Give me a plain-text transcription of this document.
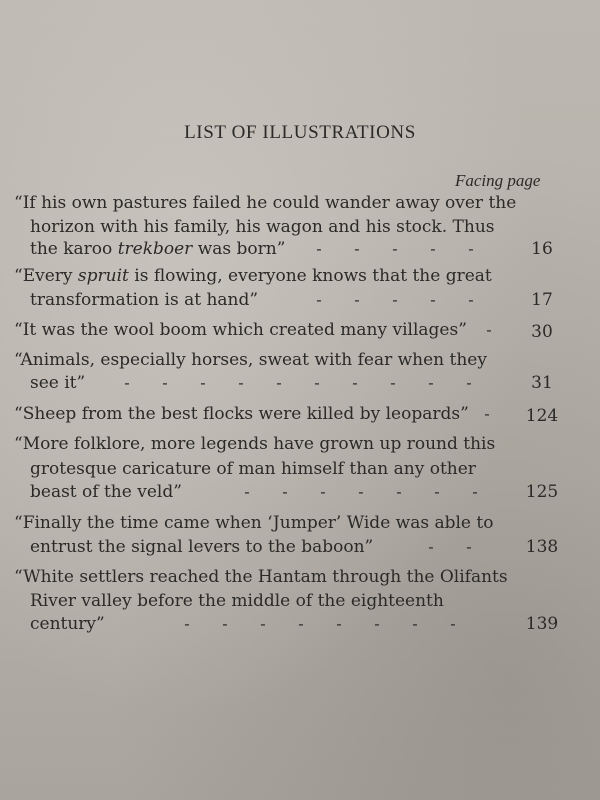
LIST OF ILLUSTRATIONS
Facing page
“If his own pastures failed he could wander away over the
horizon with his family, his wagon and his stock. Thus
the karoo trekboer was born”	- - - - -	16
“Every spruit is flowing, everyone knows that the great
transformation is at hand”	- - - - -	17
“It was the wool boom which created many villages”	-	30
“Animals, especially horses, sweat with fear when they
see it”	- - - - - - - - - -	31
“Sheep from the best flocks were killed by leopards” -	124
“More folklore, more legends have grown up round this
grotesque caricature of man himself than any other
beast of the veld”	- - - - - - -	125
“Finally the time came when ‘Jumper’ Wide was able to
entrust the signal levers to the baboon”	- -	138
“White settlers reached the Hantam through the Olifants
River valley before the middle of the eighteenth
century”	- - - - - - - -	139
